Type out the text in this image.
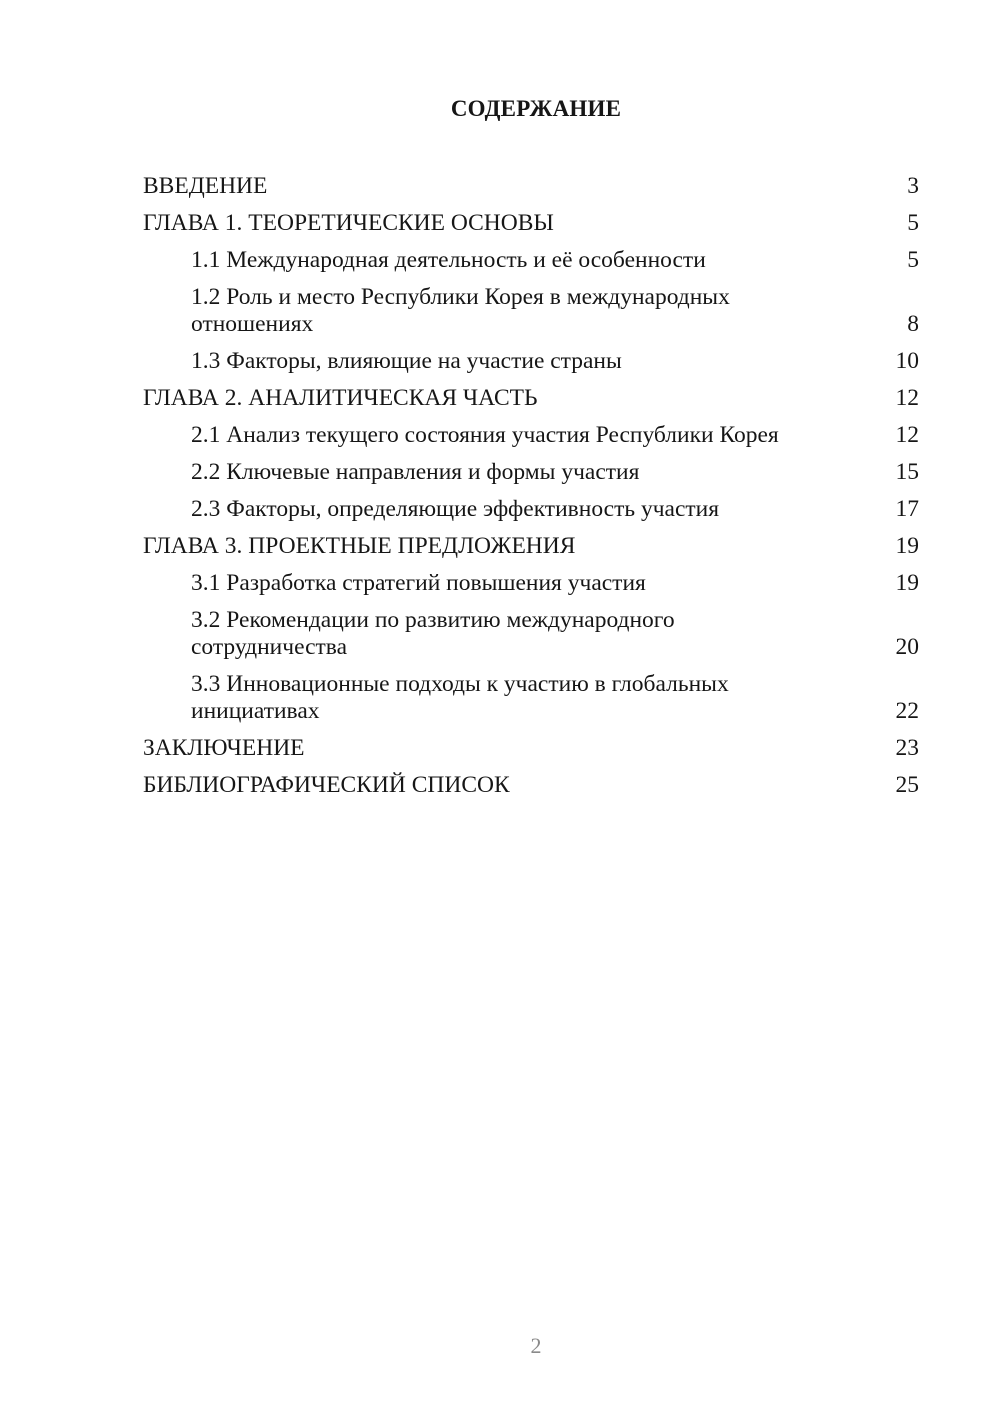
СОДЕРЖАНИЕ
ВВЕДЕНИЕ	3
ГЛАВА 1. ТЕОРЕТИЧЕСКИЕ ОСНОВЫ	5
1.1 Международная деятельность и её особенности	5
1.2 Роль и место Республики Корея в международных отношениях	8
1.3 Факторы, влияющие на участие страны	10
ГЛАВА 2. АНАЛИТИЧЕСКАЯ ЧАСТЬ	12
2.1 Анализ текущего состояния участия Республики Корея	12
2.2 Ключевые направления и формы участия	15
2.3 Факторы, определяющие эффективность участия	17
ГЛАВА 3. ПРОЕКТНЫЕ ПРЕДЛОЖЕНИЯ	19
3.1 Разработка стратегий повышения участия	19
3.2 Рекомендации по развитию международного сотрудничества	20
3.3 Инновационные подходы к участию в глобальных инициативах	22
ЗАКЛЮЧЕНИЕ	23
БИБЛИОГРАФИЧЕСКИЙ СПИСОК	25
2
